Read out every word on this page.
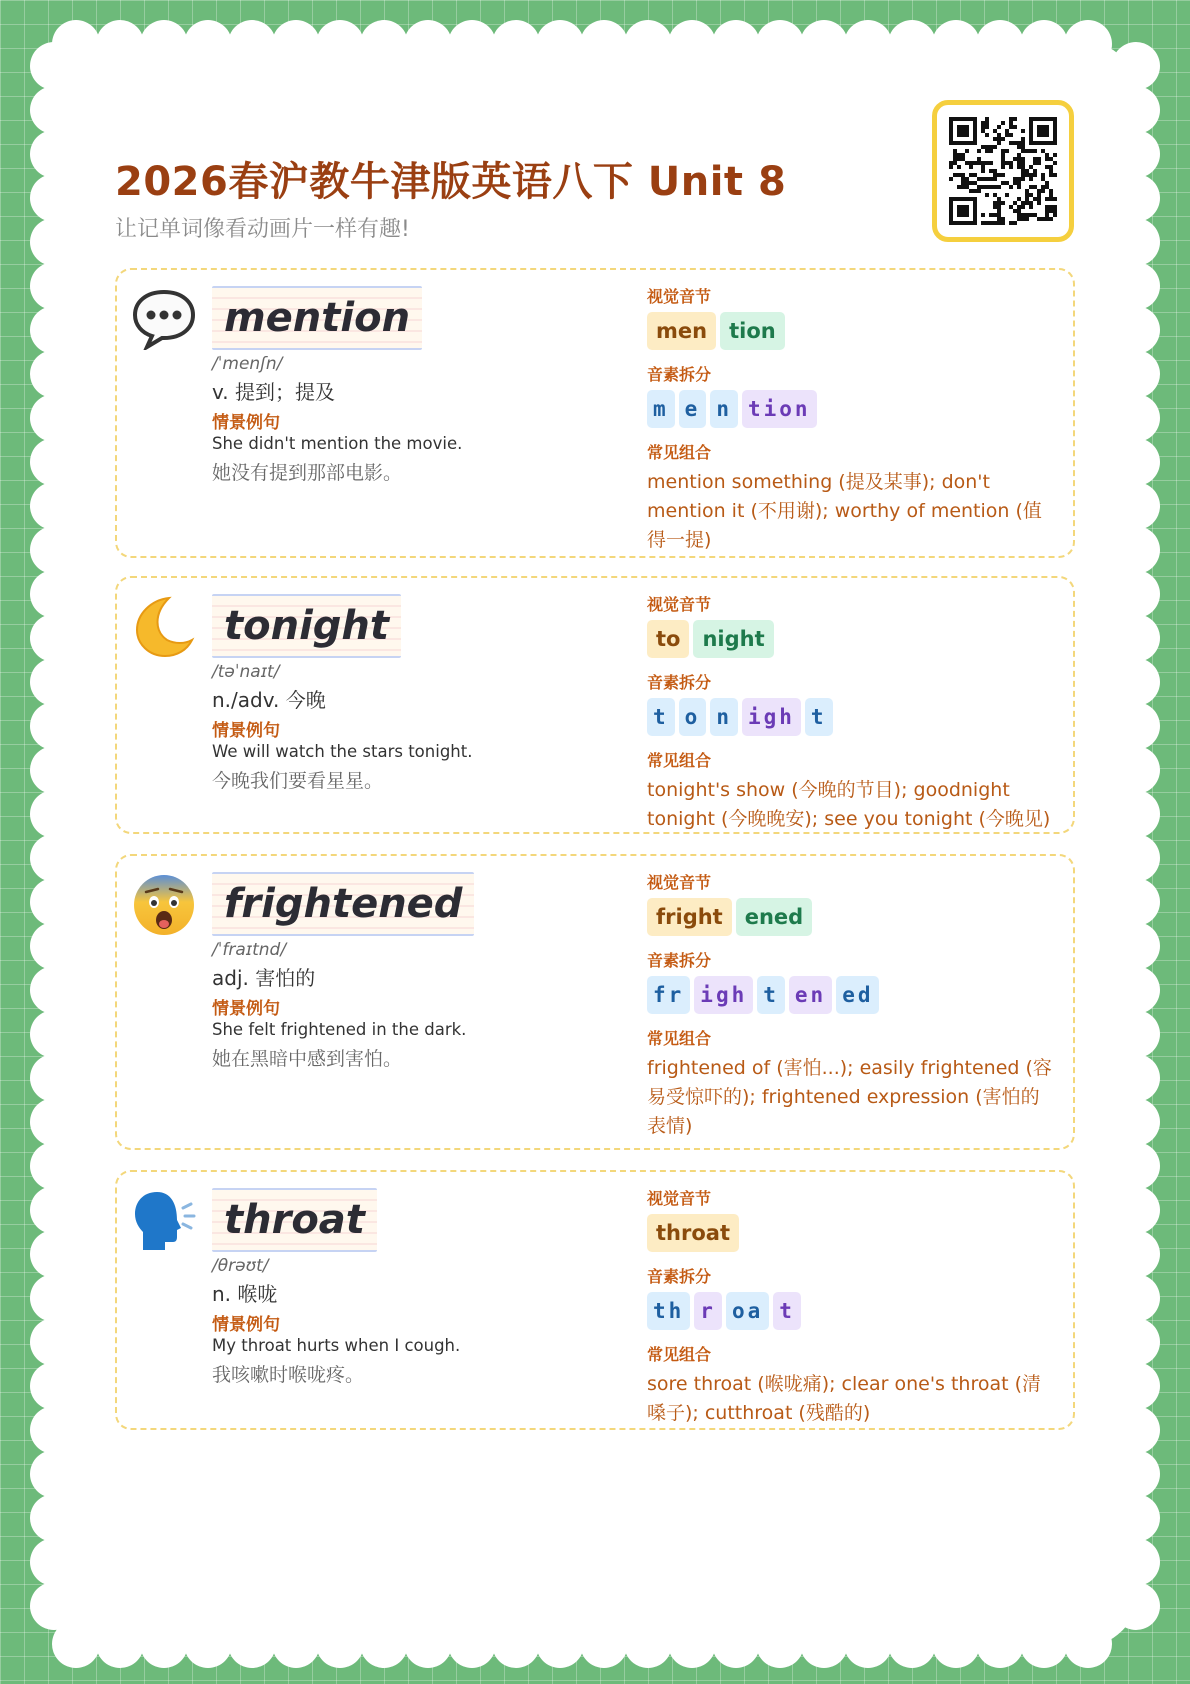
2026春沪教牛津版英语八下 Unit 8
让记单词像看动画片一样有趣!
mention
/ˈmenʃn/
v. 提到；提及
情景例句
She didn't mention the movie.
她没有提到那部电影。
视觉音节
men	tion
音素拆分
m e n tion
常见组合
mention something (提及某事); don't mention it (不用谢); worthy of mention (值得一提)
tonight
/təˈnaɪt/
n./adv. 今晚
情景例句
We will watch the stars tonight.
今晚我们要看星星。
视觉音节
to	night
音素拆分
t o n igh t
常见组合
tonight's show (今晚的节目); goodnight tonight (今晚晚安); see you tonight (今晚见)
frightened
/ˈfraɪtnd/
adj. 害怕的
情景例句
She felt frightened in the dark.
她在黑暗中感到害怕。
视觉音节
fright	ened
音素拆分
fr igh t en ed
常见组合
frightened of (害怕...); easily frightened (容易受惊吓的); frightened expression (害怕的表情)
throat
/θrəʊt/
n. 喉咙
情景例句
My throat hurts when I cough.
我咳嗽时喉咙疼。
视觉音节
throat
音素拆分
th r oa t
常见组合
sore throat (喉咙痛); clear one's throat (清嗓子); cutthroat (残酷的)
